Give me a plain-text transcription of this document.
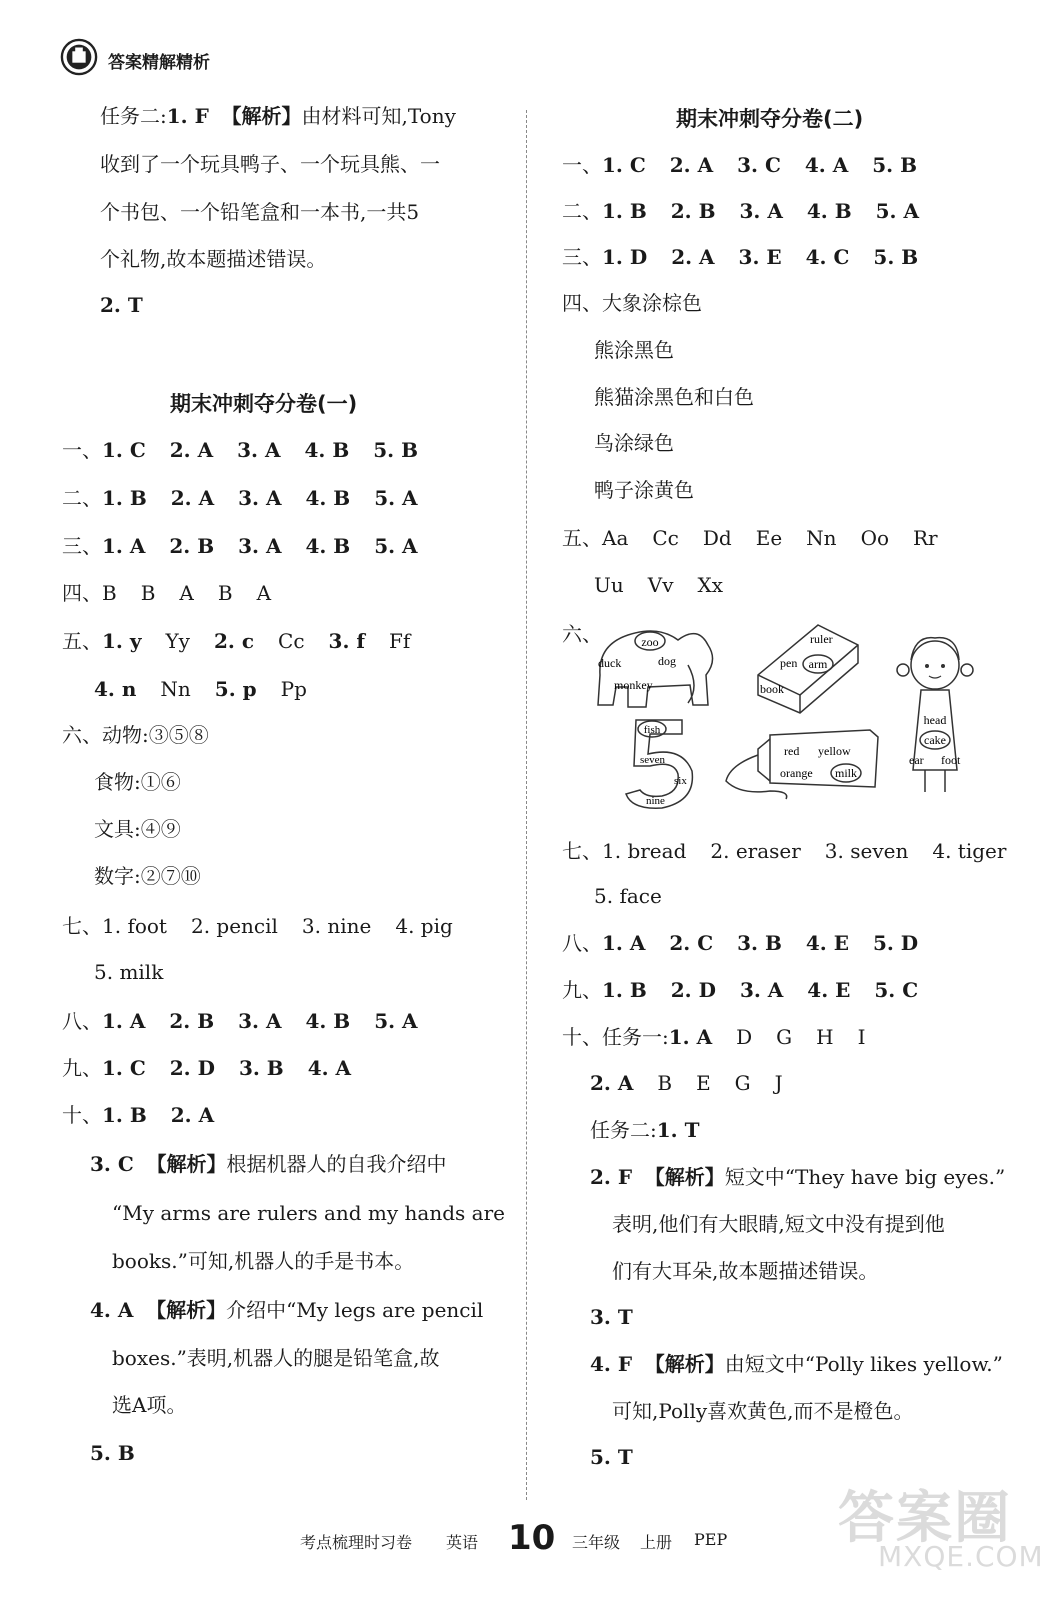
答案精解精析
任务二:1. F 【解析】由材料可知,Tony
收到了一个玩具鸭子、一个玩具熊、一
个书包、一个铅笔盒和一本书,一共5
个礼物,故本题描述错误。
2. T
期末冲刺夺分卷(一)
一、1. C 2. A 3. A 4. B 5. B
二、1. B 2. A 3. A 4. B 5. A
三、1. A 2. B 3. A 4. B 5. A
四、B B A B A
五、1. y Yy 2. c Cc 3. f Ff
4. n Nn 5. p Pp
六、动物:③⑤⑧
食物:①⑥
文具:④⑨
数字:②⑦⑩
七、1. foot 2. pencil 3. nine 4. pig
5. milk
八、1. A 2. B 3. A 4. B 5. A
九、1. C 2. D 3. B 4. A
十、1. B 2. A
3. C 【解析】根据机器人的自我介绍中
“My arms are rulers and my hands are
books.”可知,机器人的手是书本。
4. A 【解析】介绍中“My legs are pencil
boxes.”表明,机器人的腿是铅笔盒,故
选A项。
5. B
期末冲刺夺分卷(二)
一、1. C 2. A 3. C 4. A 5. B
二、1. B 2. B 3. A 4. B 5. A
三、1. D 2. A 3. E 4. C 5. B
四、大象涂棕色
熊涂黑色
熊猫涂黑色和白色
鸟涂绿色
鸭子涂黄色
五、Aa Cc Dd Ee Nn Oo Rr
Uu Vv Xx
六、	zoo
duck	dog
monkey
ruler
pen arm
book
head
cake
ear foot
fish
seven
six
nine
red yellow
orange milk
七、1. bread 2. eraser 3. seven 4. tiger
5. face
八、1. A 2. C 3. B 4. E 5. D
九、1. B 2. D 3. A 4. E 5. C
十、任务一:1. A D G H I
2. A B E G J
任务二:1. T
2. F 【解析】短文中“They have big eyes.”
表明,他们有大眼睛,短文中没有提到他
们有大耳朵,故本题描述错误。
3. T
4. F 【解析】由短文中“Polly likes yellow.”
可知,Polly喜欢黄色,而不是橙色。
5. T
考点梳理时习卷 英语 10 三年级 上册 PEP 答案圈
MXQE.COM
